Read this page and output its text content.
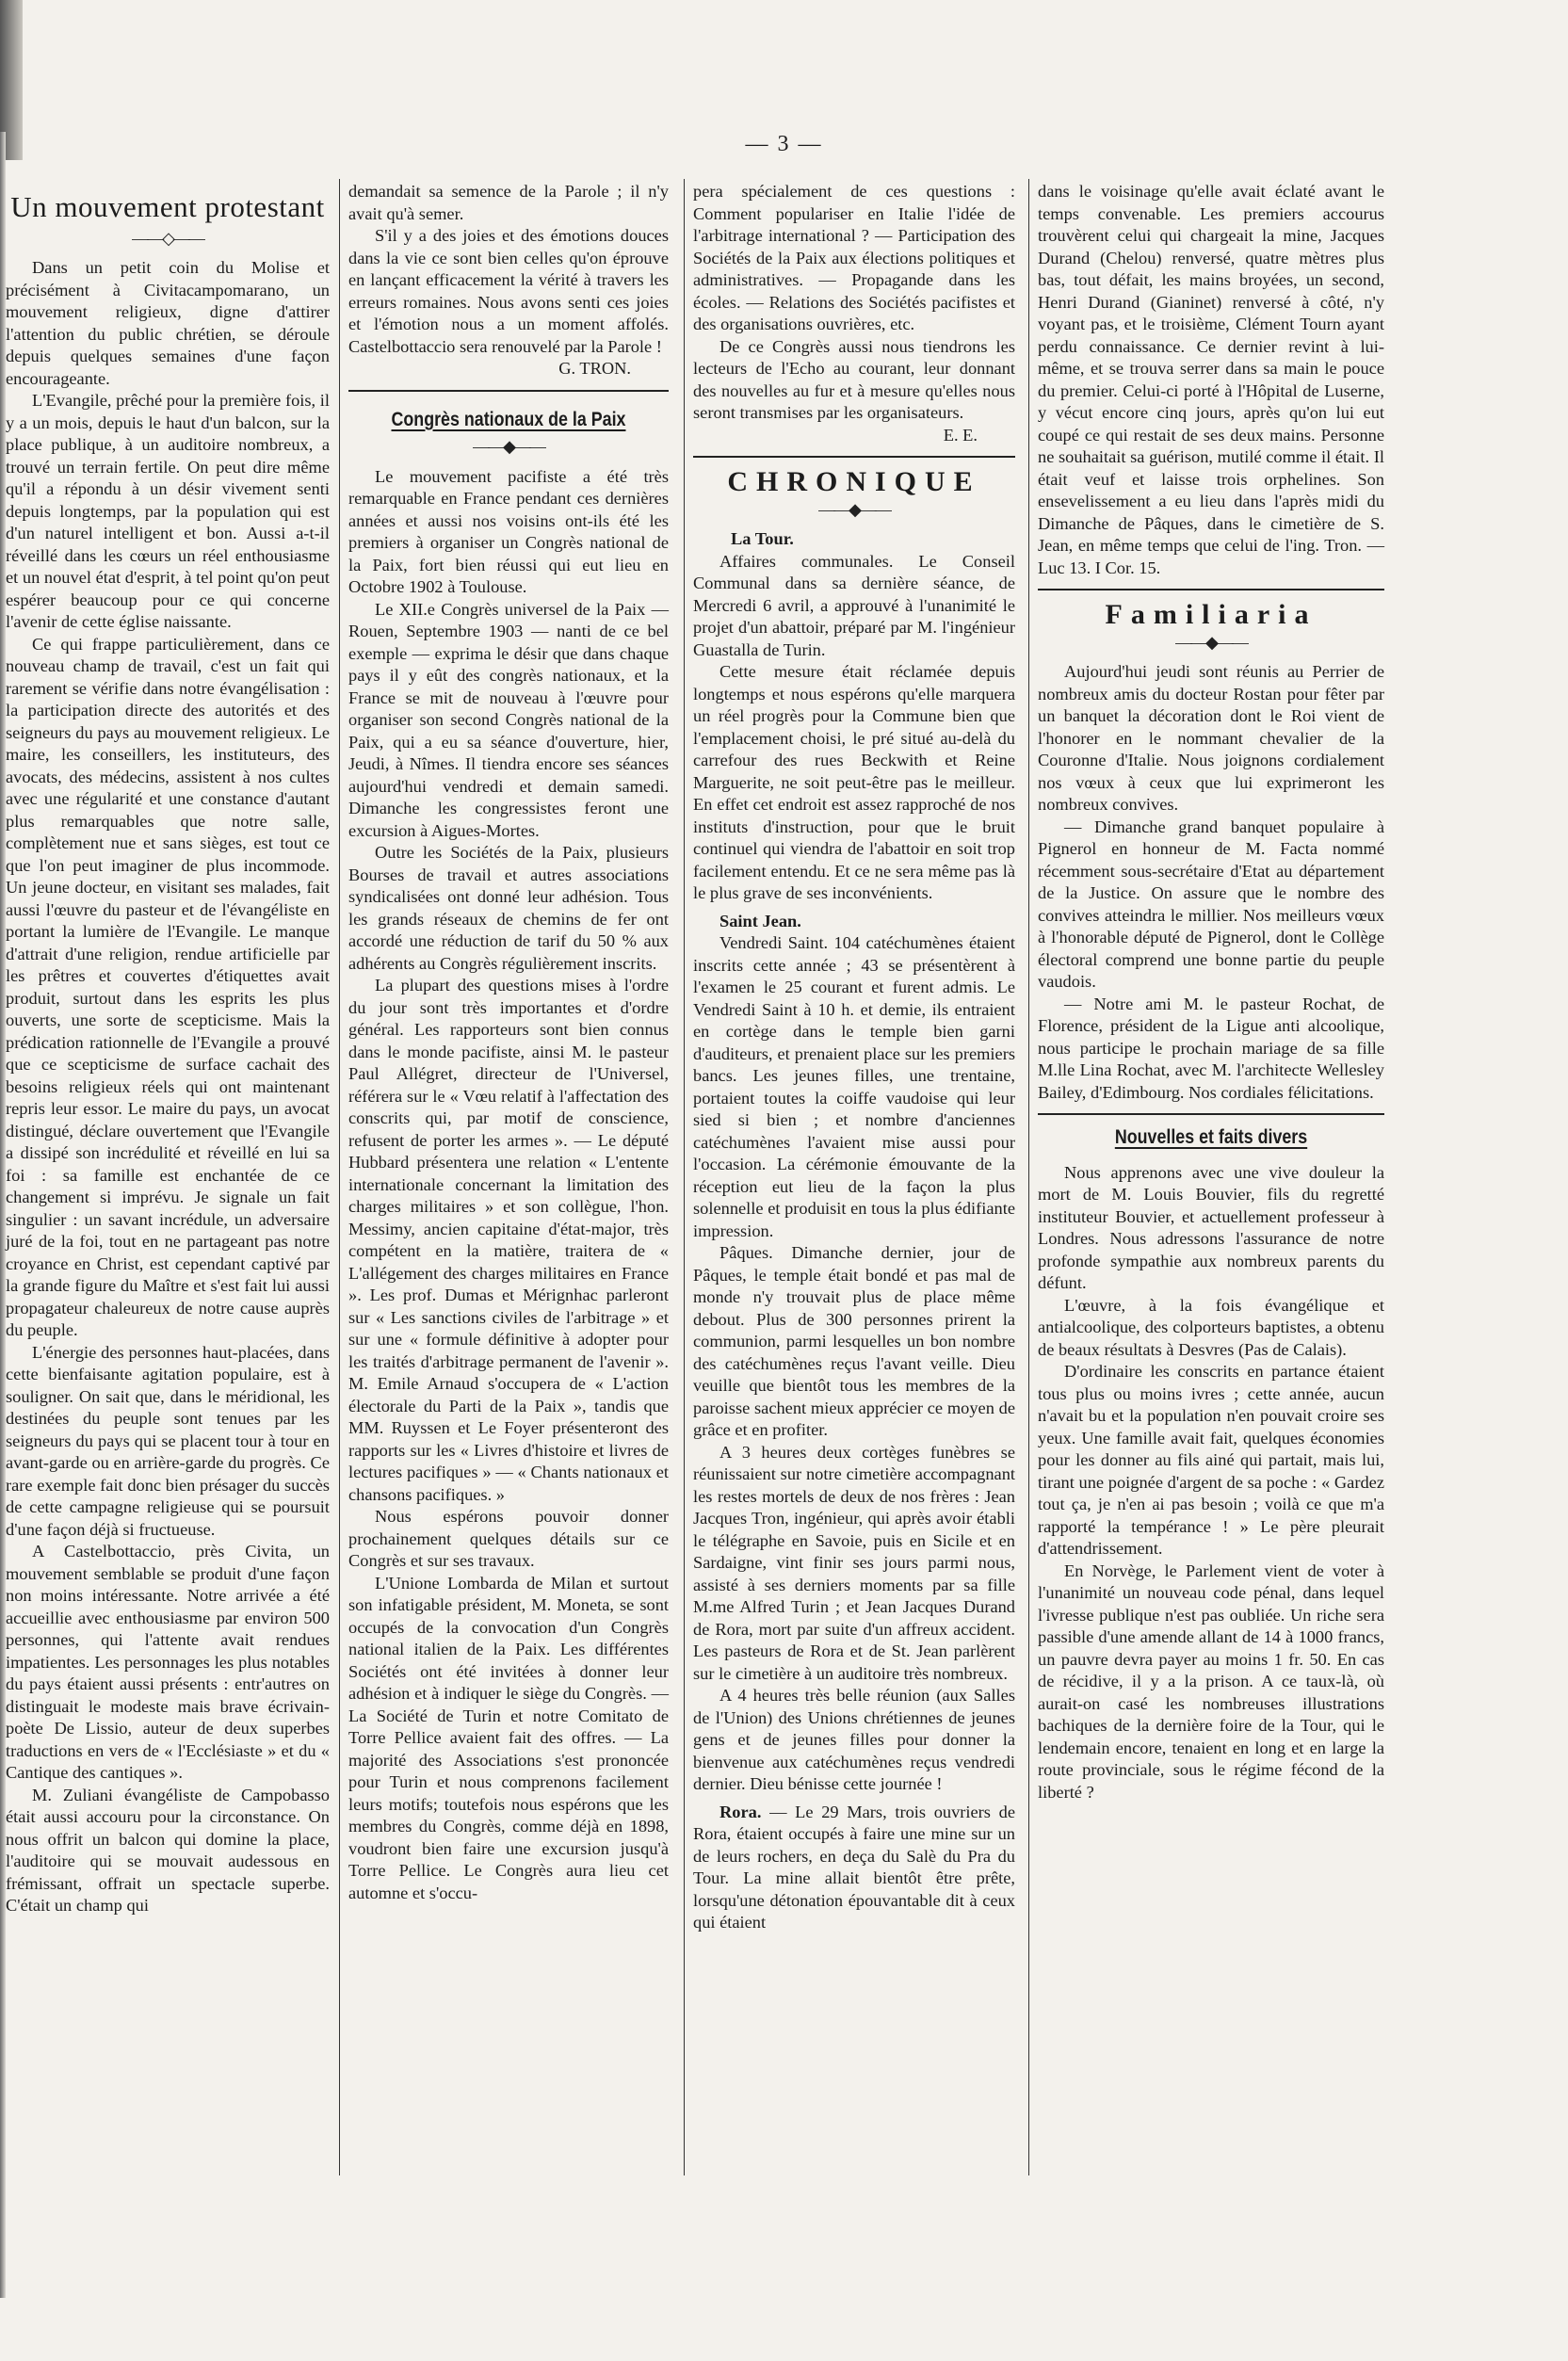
— 3 —
Un mouvement protestant
——◇——

Dans un petit coin du Molise et précisément à Civitacampomarano, un mouvement religieux, digne d'attirer l'attention du public chrétien, se déroule depuis quelques semaines d'une façon encourageante.

L'Evangile, prêché pour la première fois, il y a un mois, depuis le haut d'un balcon, sur la place publique, à un auditoire nombreux, a trouvé un terrain fertile. On peut dire même qu'il a répondu à un désir vivement senti depuis longtemps, par la population qui est d'un naturel intelligent et bon. Aussi a-t-il réveillé dans les cœurs un réel enthousiasme et un nouvel état d'esprit, à tel point qu'on peut espérer beaucoup pour ce qui concerne l'avenir de cette église naissante.

Ce qui frappe particulièrement, dans ce nouveau champ de travail, c'est un fait qui rarement se vérifie dans notre évangélisation : la participation directe des autorités et des seigneurs du pays au mouvement religieux. Le maire, les conseillers, les instituteurs, des avocats, des médecins, assistent à nos cultes avec une régularité et une constance d'autant plus remarquables que notre salle, complètement nue et sans sièges, est tout ce que l'on peut imaginer de plus incommode. Un jeune docteur, en visitant ses malades, fait aussi l'œuvre du pasteur et de l'évangéliste en portant la lumière de l'Evangile. Le manque d'attrait d'une religion, rendue artificielle par les prêtres et couvertes d'étiquettes avait produit, surtout dans les esprits les plus ouverts, une sorte de scepticisme. Mais la prédication rationnelle de l'Evangile a prouvé que ce scepticisme de surface cachait des besoins religieux réels qui ont maintenant repris leur essor. Le maire du pays, un avocat distingué, déclare ouvertement que l'Evangile a dissipé son incrédulité et réveillé en lui sa foi : sa famille est enchantée de ce changement si imprévu. Je signale un fait singulier : un savant incrédule, un adversaire juré de la foi, tout en ne partageant pas notre croyance en Christ, est cependant captivé par la grande figure du Maître et s'est fait lui aussi propagateur chaleureux de notre cause auprès du peuple.

L'énergie des personnes haut-placées, dans cette bienfaisante agitation populaire, est à souligner. On sait que, dans le méridional, les destinées du peuple sont tenues par les seigneurs du pays qui se placent tour à tour en avant-garde ou en arrière-garde du progrès. Ce rare exemple fait donc bien présager du succès de cette campagne religieuse qui se poursuit d'une façon déjà si fructueuse.

A Castelbottaccio, près Civita, un mouvement semblable se produit d'une façon non moins intéressante. Notre arrivée a été accueillie avec enthousiasme par environ 500 personnes, qui l'attente avait rendues impatientes. Les personnages les plus notables du pays étaient aussi présents : entr'autres on distinguait le modeste mais brave écrivain-poète De Lissio, auteur de deux superbes traductions en vers de « l'Ecclésiaste » et du « Cantique des cantiques ».

M. Zuliani évangéliste de Campobasso était aussi accouru pour la circonstance. On nous offrit un balcon qui domine la place, l'auditoire qui se mouvait audessous en frémissant, offrait un spectacle superbe. C'était un champ qui

demandait sa semence de la Parole ; il n'y avait qu'à semer.

S'il y a des joies et des émotions douces dans la vie ce sont bien celles qu'on éprouve en lançant efficacement la vérité à travers les erreurs romaines. Nous avons senti ces joies et l'émotion nous a un moment affolés. Castelbottaccio sera renouvelé par la Parole !

G. TRON.
Congrès nationaux de la Paix
——◆——

Le mouvement pacifiste a été très remarquable en France pendant ces dernières années et aussi nos voisins ont-ils été les premiers à organiser un Congrès national de la Paix, fort bien réussi qui eut lieu en Octobre 1902 à Toulouse.

Le XII.e Congrès universel de la Paix — Rouen, Septembre 1903 — nanti de ce bel exemple — exprima le désir que dans chaque pays il y eût des congrès nationaux, et la France se mit de nouveau à l'œuvre pour organiser son second Congrès national de la Paix, qui a eu sa séance d'ouverture, hier, Jeudi, à Nîmes. Il tiendra encore ses séances aujourd'hui vendredi et demain samedi. Dimanche les congressistes feront une excursion à Aigues-Mortes.

Outre les Sociétés de la Paix, plusieurs Bourses de travail et autres associations syndicalisées ont donné leur adhésion. Tous les grands réseaux de chemins de fer ont accordé une réduction de tarif du 50 % aux adhérents au Congrès régulièrement inscrits.

La plupart des questions mises à l'ordre du jour sont très importantes et d'ordre général. Les rapporteurs sont bien connus dans le monde pacifiste, ainsi M. le pasteur Paul Allégret, directeur de l'Universel, référera sur le « Vœu relatif à l'affectation des conscrits qui, par motif de conscience, refusent de porter les armes ». — Le député Hubbard présentera une relation « L'entente internationale concernant la limitation des charges militaires » et son collègue, l'hon. Messimy, ancien capitaine d'état-major, très compétent en la matière, traitera de « L'allégement des charges militaires en France ». Les prof. Dumas et Mérignhac parleront sur « Les sanctions civiles de l'arbitrage » et sur une « formule définitive à adopter pour les traités d'arbitrage permanent de l'avenir ». M. Emile Arnaud s'occupera de « L'action électorale du Parti de la Paix », tandis que MM. Ruyssen et Le Foyer présenteront des rapports sur les « Livres d'histoire et livres de lectures pacifiques » — « Chants nationaux et chansons pacifiques. »

Nous espérons pouvoir donner prochainement quelques détails sur ce Congrès et sur ses travaux.

L'Unione Lombarda de Milan et surtout son infatigable président, M. Moneta, se sont occupés de la convocation d'un Congrès national italien de la Paix. Les différentes Sociétés ont été invitées à donner leur adhésion et à indiquer le siège du Congrès. — La Société de Turin et notre Comitato de Torre Pellice avaient fait des offres. — La majorité des Associations s'est prononcée pour Turin et nous comprenons facilement leurs motifs; toutefois nous espérons que les membres du Congrès, comme déjà en 1898, voudront bien faire une excursion jusqu'à Torre Pellice. Le Congrès aura lieu cet automne et s'occu-

pera spécialement de ces questions : Comment populariser en Italie l'idée de l'arbitrage international ? — Participation des Sociétés de la Paix aux élections politiques et administratives. — Propagande dans les écoles. — Relations des Sociétés pacifistes et des organisations ouvrières, etc.

De ce Congrès aussi nous tiendrons les lecteurs de l'Echo au courant, leur donnant des nouvelles au fur et à mesure qu'elles nous seront transmises par les organisateurs.

E. E.
CHRONIQUE
——◆——
La Tour.

Affaires communales. Le Conseil Communal dans sa dernière séance, de Mercredi 6 avril, a approuvé à l'unanimité le projet d'un abattoir, préparé par M. l'ingénieur Guastalla de Turin.

Cette mesure était réclamée depuis longtemps et nous espérons qu'elle marquera un réel progrès pour la Commune bien que l'emplacement choisi, le pré situé au-delà du carrefour des rues Beckwith et Reine Marguerite, ne soit peut-être pas le meilleur. En effet cet endroit est assez rapproché de nos instituts d'instruction, pour que le bruit continuel qui viendra de l'abattoir en soit trop facilement entendu. Et ce ne sera même pas là le plus grave de ses inconvénients.

Saint Jean.

Vendredi Saint. 104 catéchumènes étaient inscrits cette année ; 43 se présentèrent à l'examen le 25 courant et furent admis. Le Vendredi Saint à 10 h. et demie, ils entraient en cortège dans le temple bien garni d'auditeurs, et prenaient place sur les premiers bancs. Les jeunes filles, une trentaine, portaient toutes la coiffe vaudoise qui leur sied si bien ; et nombre d'anciennes catéchumènes l'avaient mise aussi pour l'occasion. La cérémonie émouvante de la réception eut lieu de la façon la plus solennelle et produisit en tous la plus édifiante impression.

Pâques. Dimanche dernier, jour de Pâques, le temple était bondé et pas mal de monde n'y trouvait plus de place même debout. Plus de 300 personnes prirent la communion, parmi lesquelles un bon nombre des catéchumènes reçus l'avant veille. Dieu veuille que bientôt tous les membres de la paroisse sachent mieux apprécier ce moyen de grâce et en profiter.

A 3 heures deux cortèges funèbres se réunissaient sur notre cimetière accompagnant les restes mortels de deux de nos frères : Jean Jacques Tron, ingénieur, qui après avoir établi le télégraphe en Savoie, puis en Sicile et en Sardaigne, vint finir ses jours parmi nous, assisté à ses derniers moments par sa fille M.me Alfred Turin ; et Jean Jacques Durand de Rora, mort par suite d'un affreux accident. Les pasteurs de Rora et de St. Jean parlèrent sur le cimetière à un auditoire très nombreux.

A 4 heures très belle réunion (aux Salles de l'Union) des Unions chrétiennes de jeunes gens et de jeunes filles pour donner la bienvenue aux catéchumènes reçus vendredi dernier. Dieu bénisse cette journée !

Rora. — Le 29 Mars, trois ouvriers de Rora, étaient occupés à faire une mine sur un de leurs rochers, en deça du Salè du Pra du Tour. La mine allait bientôt être prête, lorsqu'une détonation épouvantable dit à ceux qui étaient

dans le voisinage qu'elle avait éclaté avant le temps convenable. Les premiers accourus trouvèrent celui qui chargeait la mine, Jacques Durand (Chelou) renversé, quatre mètres plus bas, tout défait, les mains broyées, un second, Henri Durand (Gianinet) renversé à côté, n'y voyant pas, et le troisième, Clément Tourn ayant perdu connaissance. Ce dernier revint à lui-même, et se trouva serrer dans sa main le pouce du premier. Celui-ci porté à l'Hôpital de Luserne, y vécut encore cinq jours, après qu'on lui eut coupé ce qui restait de ses deux mains. Personne ne souhaitait sa guérison, mutilé comme il était. Il était veuf et laisse trois orphelines. Son ensevelissement a eu lieu dans l'après midi du Dimanche de Pâques, dans le cimetière de S. Jean, en même temps que celui de l'ing. Tron. — Luc 13. I Cor. 15.

Familiaria
——◆——

Aujourd'hui jeudi sont réunis au Perrier de nombreux amis du docteur Rostan pour fêter par un banquet la décoration dont le Roi vient de l'honorer en le nommant chevalier de la Couronne d'Italie. Nous joignons cordialement nos vœux à ceux que lui exprimeront les nombreux convives.

— Dimanche grand banquet populaire à Pignerol en honneur de M. Facta nommé récemment sous-secrétaire d'Etat au département de la Justice. On assure que le nombre des convives atteindra le millier. Nos meilleurs vœux à l'honorable député de Pignerol, dont le Collège électoral comprend une bonne partie du peuple vaudois.

— Notre ami M. le pasteur Rochat, de Florence, président de la Ligue anti alcoolique, nous participe le prochain mariage de sa fille M.lle Lina Rochat, avec M. l'architecte Wellesley Bailey, d'Edimbourg. Nos cordiales félicitations.

Nouvelles et faits divers

Nous apprenons avec une vive douleur la mort de M. Louis Bouvier, fils du regretté instituteur Bouvier, et actuellement professeur à Londres. Nous adressons l'assurance de notre profonde sympathie aux nombreux parents du défunt.

L'œuvre, à la fois évangélique et antialcoolique, des colporteurs baptistes, a obtenu de beaux résultats à Desvres (Pas de Calais).

D'ordinaire les conscrits en partance étaient tous plus ou moins ivres ; cette année, aucun n'avait bu et la population n'en pouvait croire ses yeux. Une famille avait fait, quelques économies pour les donner au fils ainé qui partait, mais lui, tirant une poignée d'argent de sa poche : « Gardez tout ça, je n'en ai pas besoin ; voilà ce que m'a rapporté la tempérance ! » Le père pleurait d'attendrissement.

En Norvège, le Parlement vient de voter à l'unanimité un nouveau code pénal, dans lequel l'ivresse publique n'est pas oubliée. Un riche sera passible d'une amende allant de 14 à 1000 francs, un pauvre devra payer au moins 1 fr. 50. En cas de récidive, il y a la prison. A ce taux-là, où aurait-on casé les nombreuses illustrations bachiques de la dernière foire de la Tour, qui le lendemain encore, tenaient en long et en large la route provinciale, sous le régime fécond de la liberté ?
